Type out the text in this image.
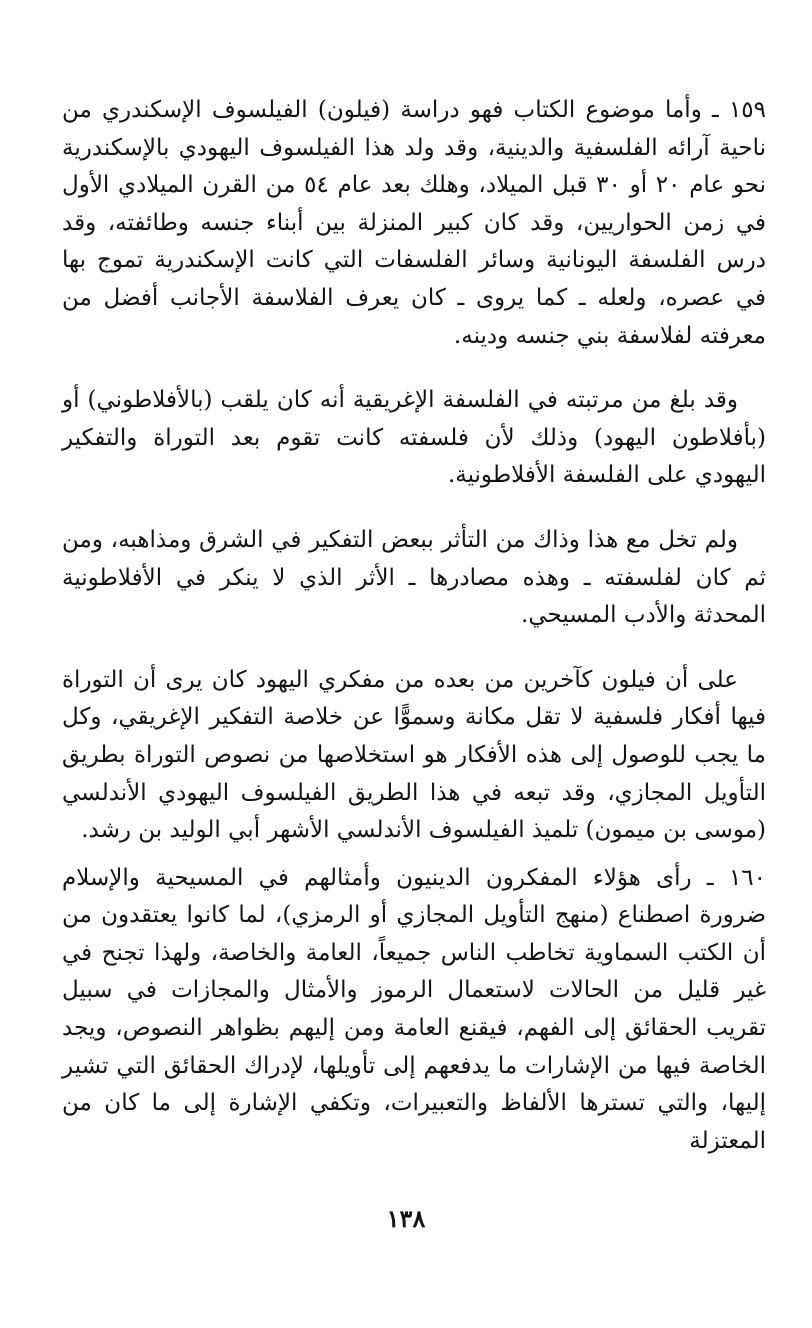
١٥٩ ـ وأما موضوع الكتاب فهو دراسة (فيلون) الفيلسوف الإسكندري من ناحية آرائه الفلسفية والدينية، وقد ولد هذا الفيلسوف اليهودي بالإسكندرية نحو عام ٢٠ أو ٣٠ قبل الميلاد، وهلك بعد عام ٥٤ من القرن الميلادي الأول في زمن الحواريين، وقد كان كبير المنزلة بين أبناء جنسه وطائفته، وقد درس الفلسفة اليونانية وسائر الفلسفات التي كانت الإسكندرية تموج بها في عصره، ولعله ـ كما يروى ـ كان يعرف الفلاسفة الأجانب أفضل من معرفته لفلاسفة بني جنسه ودينه.

وقد بلغ من مرتبته في الفلسفة الإغريقية أنه كان يلقب (بالأفلاطوني) أو (بأفلاطون اليهود) وذلك لأن فلسفته كانت تقوم بعد التوراة والتفكير اليهودي على الفلسفة الأفلاطونية.

ولم تخل مع هذا وذاك من التأثر ببعض التفكير في الشرق ومذاهبه، ومن ثم كان لفلسفته ـ وهذه مصادرها ـ الأثر الذي لا ينكر في الأفلاطونية المحدثة والأدب المسيحي.

على أن فيلون كآخرين من بعده من مفكري اليهود كان يرى أن التوراة فيها أفكار فلسفية لا تقل مكانة وسموًّا عن خلاصة التفكير الإغريقي، وكل ما يجب للوصول إلى هذه الأفكار هو استخلاصها من نصوص التوراة بطريق التأويل المجازي، وقد تبعه في هذا الطريق الفيلسوف اليهودي الأندلسي (موسى بن ميمون) تلميذ الفيلسوف الأندلسي الأشهر أبي الوليد بن رشد.

١٦٠ ـ رأى هؤلاء المفكرون الدينيون وأمثالهم في المسيحية والإسلام ضرورة اصطناع (منهج التأويل المجازي أو الرمزي)، لما كانوا يعتقدون من أن الكتب السماوية تخاطب الناس جميعاً، العامة والخاصة، ولهذا تجنح في غير قليل من الحالات لاستعمال الرموز والأمثال والمجازات في سبيل تقريب الحقائق إلى الفهم، فيقنع العامة ومن إليهم بظواهر النصوص، ويجد الخاصة فيها من الإشارات ما يدفعهم إلى تأويلها، لإدراك الحقائق التي تشير إليها، والتي تسترها الألفاظ والتعبيرات، وتكفي الإشارة إلى ما كان من المعتزلة

١٣٨
